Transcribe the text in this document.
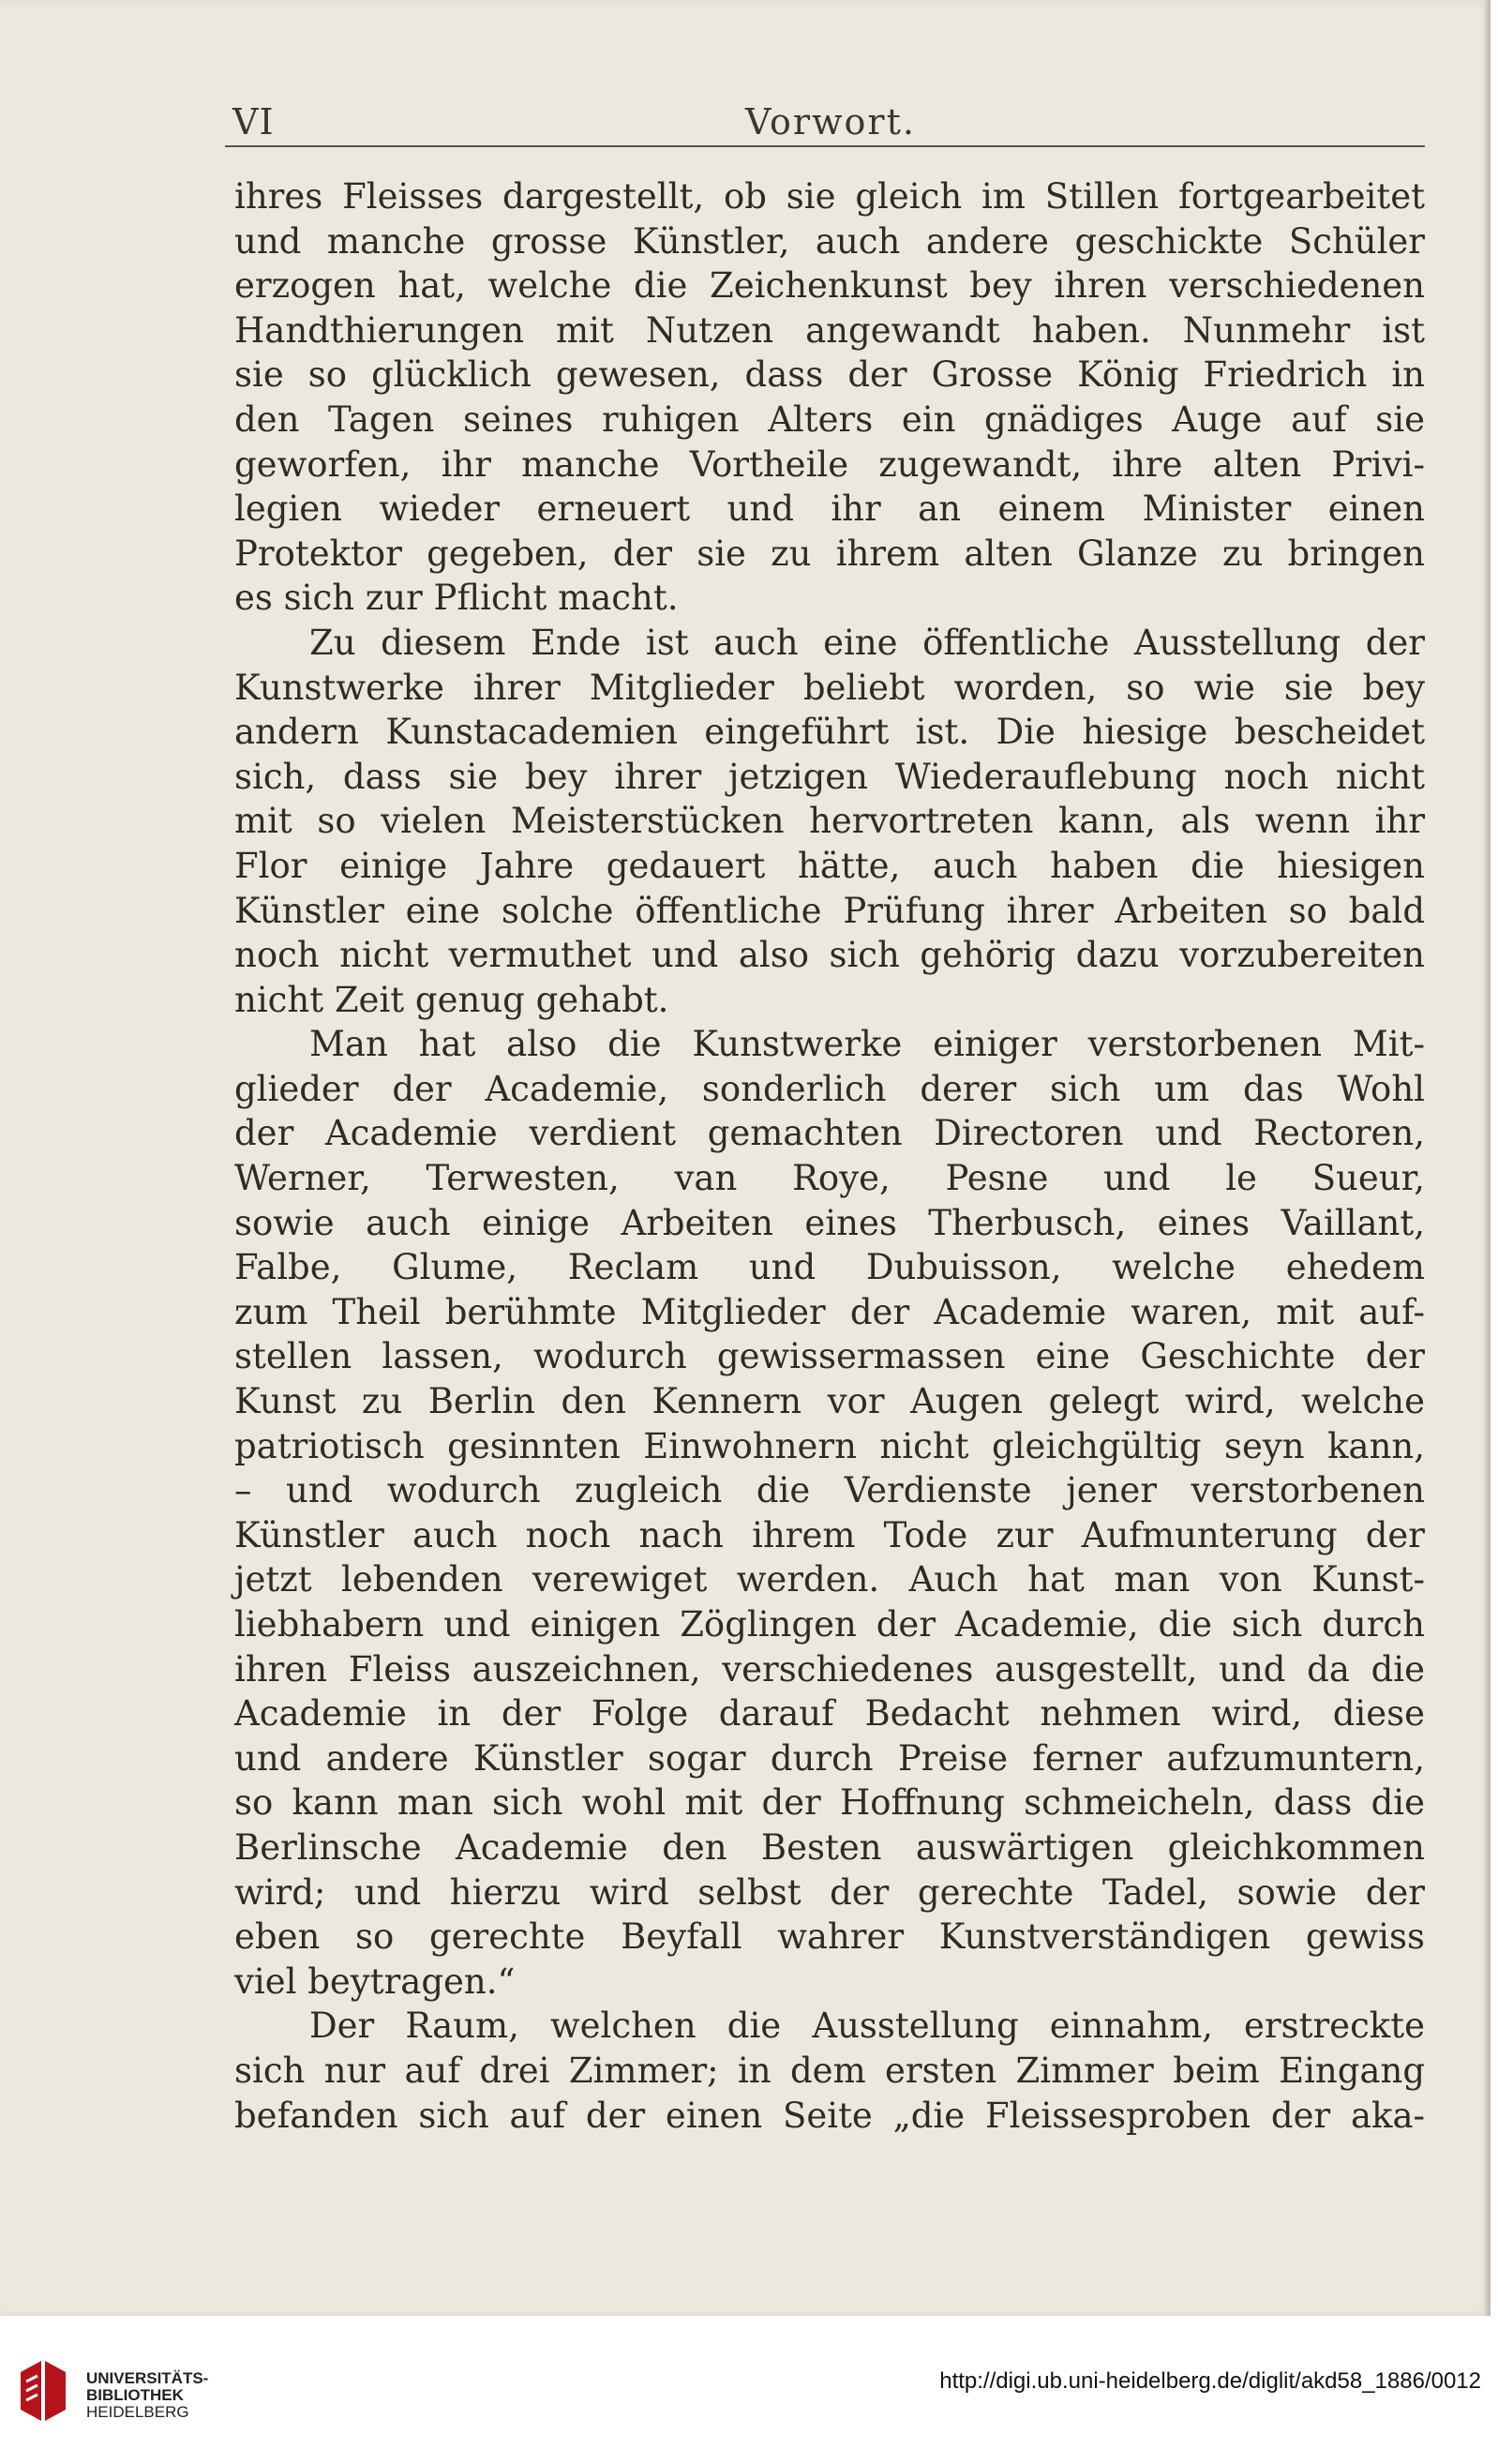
VI	Vorwort.
ihres Fleisses dargestellt, ob sie gleich im Stillen fortgearbeitet
und manche grosse Künstler, auch andere geschickte Schüler
erzogen hat, welche die Zeichenkunst bey ihren verschiedenen
Handthierungen mit Nutzen angewandt haben. Nunmehr ist
sie so glücklich gewesen, dass der Grosse König Friedrich in
den Tagen seines ruhigen Alters ein gnädiges Auge auf sie
geworfen, ihr manche Vortheile zugewandt, ihre alten Privi-
legien wieder erneuert und ihr an einem Minister einen
Protektor gegeben, der sie zu ihrem alten Glanze zu bringen
es sich zur Pflicht macht.
Zu diesem Ende ist auch eine öffentliche Ausstellung der
Kunstwerke ihrer Mitglieder beliebt worden, so wie sie bey
andern Kunstacademien eingeführt ist. Die hiesige bescheidet
sich, dass sie bey ihrer jetzigen Wiederauflebung noch nicht
mit so vielen Meisterstücken hervortreten kann, als wenn ihr
Flor einige Jahre gedauert hätte, auch haben die hiesigen
Künstler eine solche öffentliche Prüfung ihrer Arbeiten so bald
noch nicht vermuthet und also sich gehörig dazu vorzubereiten
nicht Zeit genug gehabt.
Man hat also die Kunstwerke einiger verstorbenen Mit-
glieder der Academie, sonderlich derer sich um das Wohl
der Academie verdient gemachten Directoren und Rectoren,
Werner, Terwesten, van Roye, Pesne und le Sueur,
sowie auch einige Arbeiten eines Therbusch, eines Vaillant,
Falbe, Glume, Reclam und Dubuisson, welche ehedem
zum Theil berühmte Mitglieder der Academie waren, mit auf-
stellen lassen, wodurch gewissermassen eine Geschichte der
Kunst zu Berlin den Kennern vor Augen gelegt wird, welche
patriotisch gesinnten Einwohnern nicht gleichgültig seyn kann,
– und wodurch zugleich die Verdienste jener verstorbenen
Künstler auch noch nach ihrem Tode zur Aufmunterung der
jetzt lebenden verewiget werden. Auch hat man von Kunst-
liebhabern und einigen Zöglingen der Academie, die sich durch
ihren Fleiss auszeichnen, verschiedenes ausgestellt, und da die
Academie in der Folge darauf Bedacht nehmen wird, diese
und andere Künstler sogar durch Preise ferner aufzumuntern,
so kann man sich wohl mit der Hoffnung schmeicheln, dass die
Berlinsche Academie den Besten auswärtigen gleichkommen
wird; und hierzu wird selbst der gerechte Tadel, sowie der
eben so gerechte Beyfall wahrer Kunstverständigen gewiss
viel beytragen.“
Der Raum, welchen die Ausstellung einnahm, erstreckte
sich nur auf drei Zimmer; in dem ersten Zimmer beim Eingang
befanden sich auf der einen Seite „die Fleissesproben der aka-
UNIVERSITÄTS-
BIBLIOTHEK
HEIDELBERG
http://digi.ub.uni-heidelberg.de/diglit/akd58_1886/0012
